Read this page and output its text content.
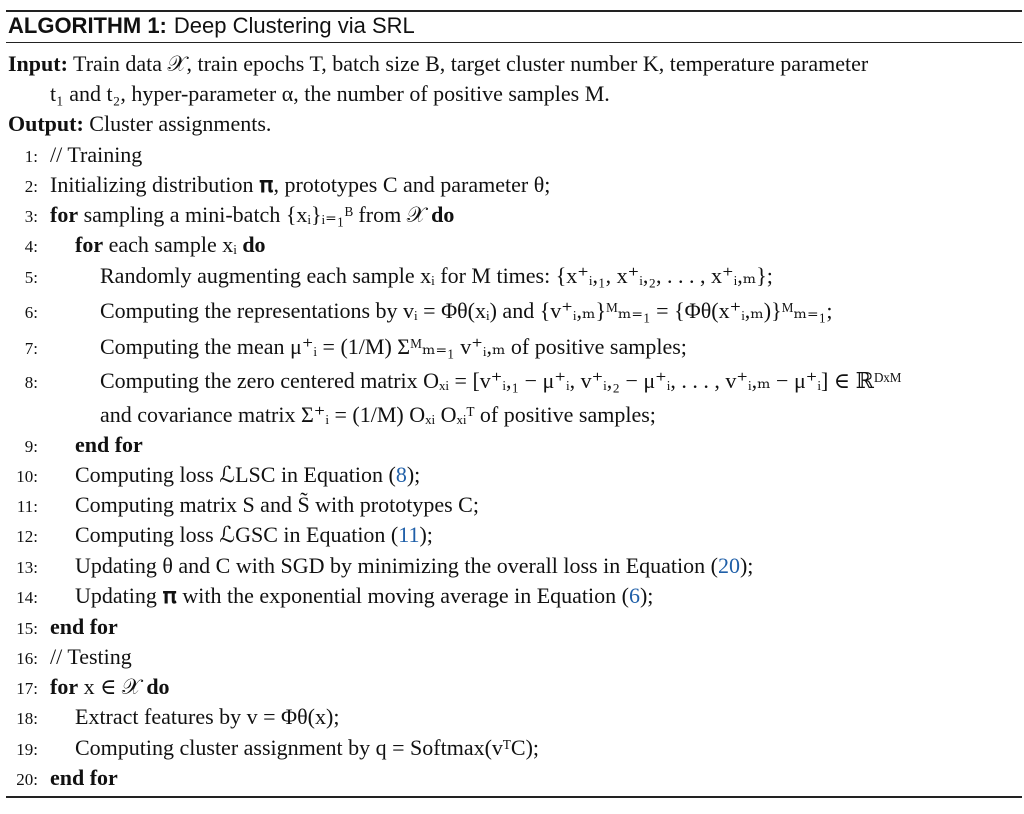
ALGORITHM 1: Deep Clustering via SRL
Input: Train data 𝒳, train epochs T, batch size B, target cluster number K, temperature parameter
t₁ and t₂, hyper-parameter α, the number of positive samples M.
Output: Cluster assignments.
1: // Training
2: Initializing distribution 𝛑, prototypes C and parameter θ;
3: for sampling a mini-batch {xᵢ}ᵢ₌₁ᴮ from 𝒳 do
4: for each sample xᵢ do
5:	Randomly augmenting each sample xᵢ for M times: {x⁺ᵢ,₁, x⁺ᵢ,₂, . . . , x⁺ᵢ,ₘ};
6:	Computing the representations by vᵢ = Φθ(xᵢ) and {v⁺ᵢ,ₘ}ᴹₘ₌₁ = {Φθ(x⁺ᵢ,ₘ)}ᴹₘ₌₁;
7:	Computing the mean μ⁺ᵢ = (1/M) Σᴹₘ₌₁ v⁺ᵢ,ₘ of positive samples;
8:	Computing the zero centered matrix Oₓᵢ = [v⁺ᵢ,₁ − μ⁺ᵢ, v⁺ᵢ,₂ − μ⁺ᵢ, . . . , v⁺ᵢ,ₘ − μ⁺ᵢ] ∈ ℝᴰˣᴹ
and covariance matrix Σ⁺ᵢ = (1/M) Oₓᵢ Oₓᵢᵀ of positive samples;
9: end for
10: Computing loss ℒLSC in Equation (8);
11: Computing matrix S and S̃ with prototypes C;
12: Computing loss ℒGSC in Equation (11);
13: Updating θ and C with SGD by minimizing the overall loss in Equation (20);
14: Updating 𝛑 with the exponential moving average in Equation (6);
15: end for
16: // Testing
17: for x ∈ 𝒳 do
18: Extract features by v = Φθ(x);
19: Computing cluster assignment by q = Softmax(vᵀC);
20: end for
